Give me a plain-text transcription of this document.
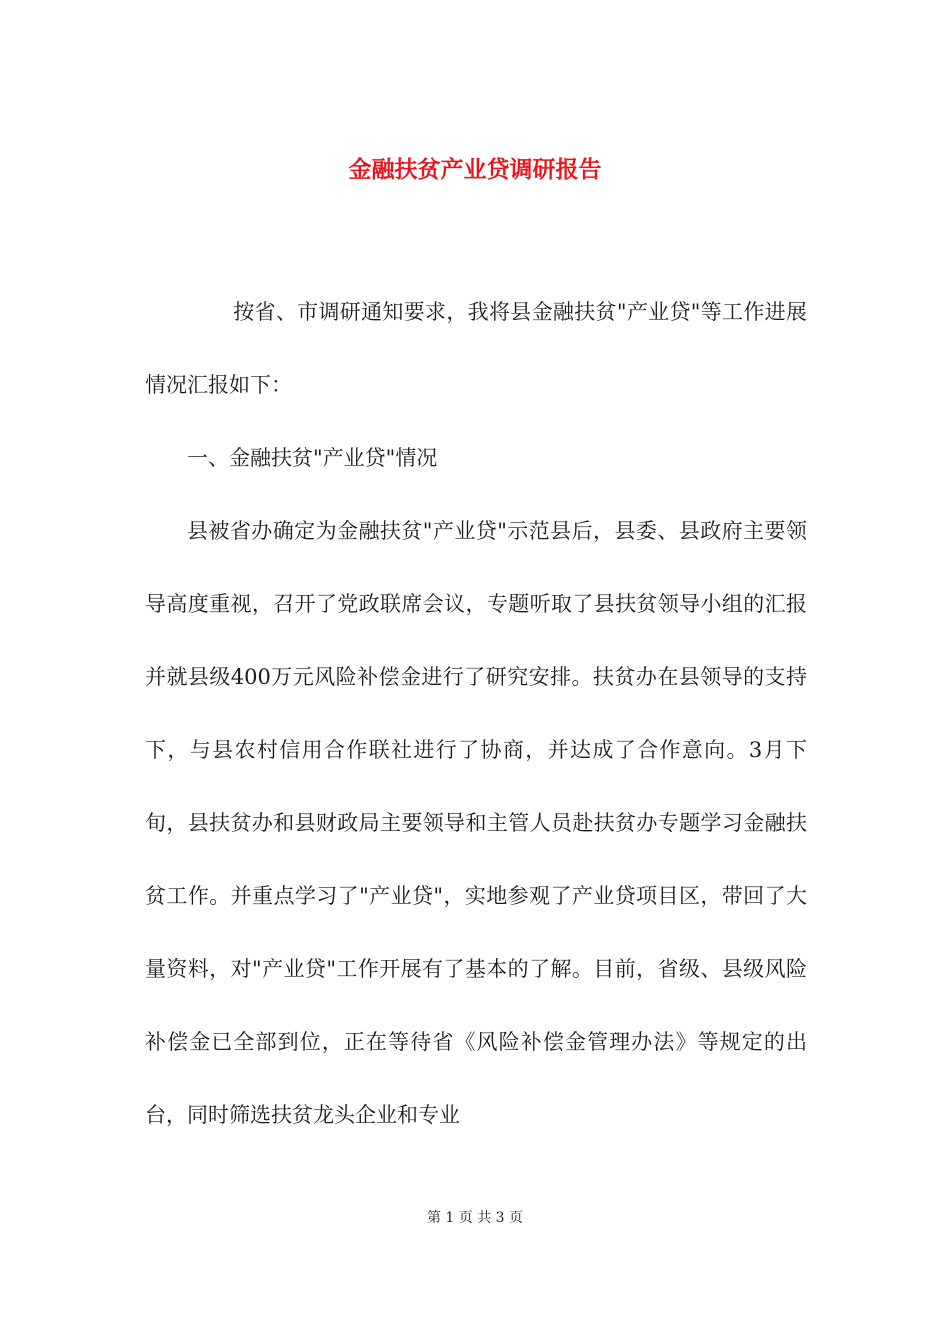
金融扶贫产业贷调研报告

按省、市调研通知要求，我将县金融扶贫"产业贷"等工作进展情况汇报如下：

一、金融扶贫"产业贷"情况

县被省办确定为金融扶贫"产业贷"示范县后，县委、县政府主要领导高度重视，召开了党政联席会议，专题听取了县扶贫领导小组的汇报并就县级400万元风险补偿金进行了研究安排。扶贫办在县领导的支持下，与县农村信用合作联社进行了协商，并达成了合作意向。3月下旬，县扶贫办和县财政局主要领导和主管人员赴扶贫办专题学习金融扶贫工作。并重点学习了"产业贷"，实地参观了产业贷项目区，带回了大量资料，对"产业贷"工作开展有了基本的了解。目前，省级、县级风险补偿金已全部到位，正在等待省《风险补偿金管理办法》等规定的出台，同时筛选扶贫龙头企业和专业

第 1 页 共 3 页
